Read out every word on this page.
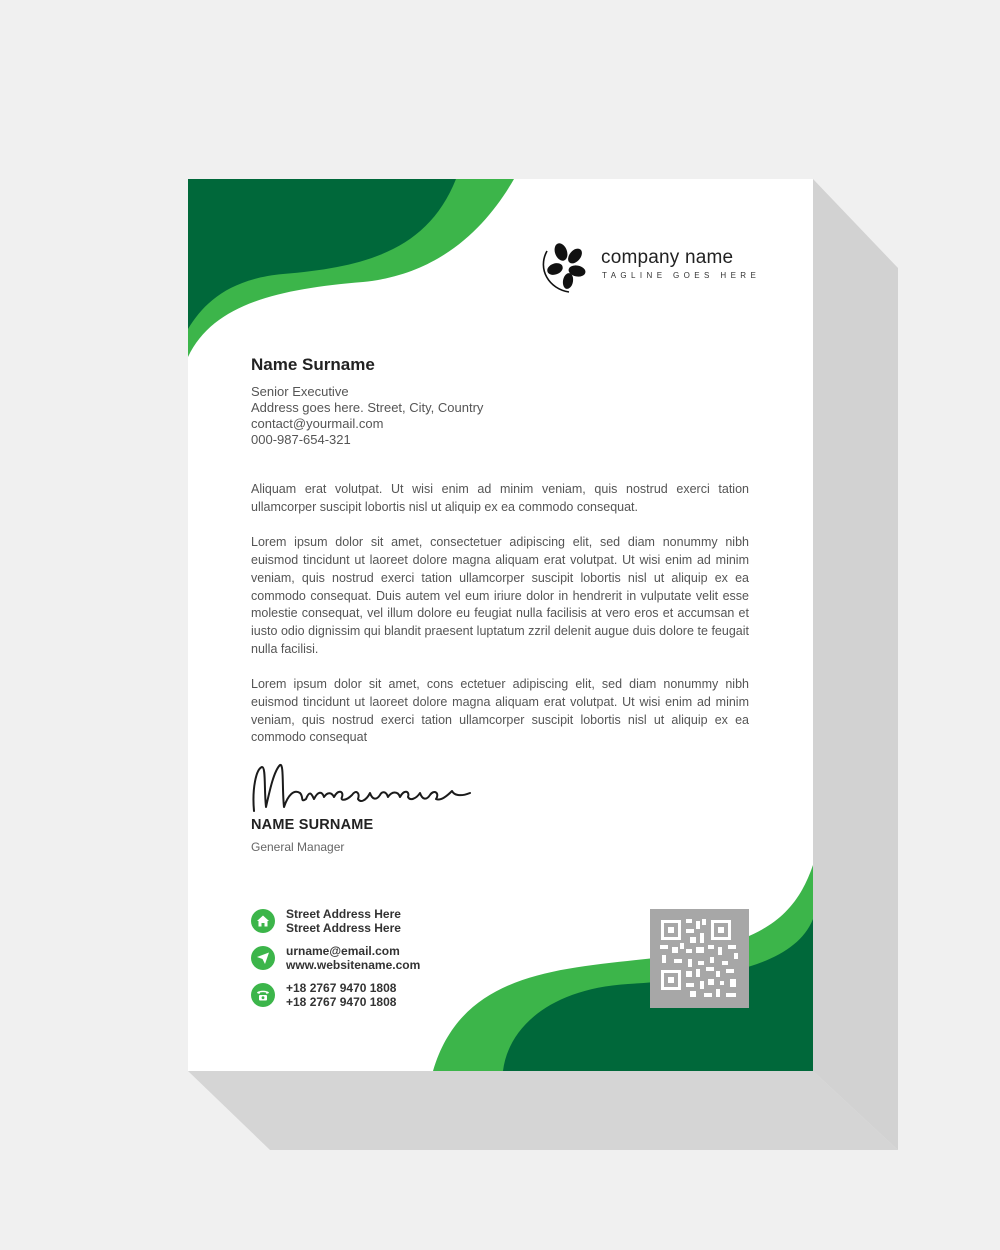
company name
TAGLINE GOES HERE
Name Surname
Senior Executive
Address goes here. Street, City, Country
contact@yourmail.com
000-987-654-321

Aliquam erat volutpat. Ut wisi enim ad minim veniam, quis nostrud exerci tation ullamcorper suscipit lobortis nisl ut aliquip ex ea commodo consequat.

Lorem ipsum dolor sit amet, consectetuer adipiscing elit, sed diam nonummy nibh euismod tincidunt ut laoreet dolore magna aliquam erat volutpat. Ut wisi enim ad minim veniam, quis nostrud exerci tation ullamcorper suscipit lobortis nisl ut aliquip ex ea commodo consequat. Duis autem vel eum iriure dolor in hendrerit in vulputate velit esse molestie consequat, vel illum dolore eu feugiat nulla facilisis at vero eros et accumsan et iusto odio dignissim qui blandit praesent luptatum zzril delenit augue duis dolore te feugait nulla facilisi.

Lorem ipsum dolor sit amet, cons ectetuer adipiscing elit, sed diam nonummy nibh euismod tincidunt ut laoreet dolore magna aliquam erat volutpat. Ut wisi enim ad minim veniam, quis nostrud exerci tation ullamcorper suscipit lobortis nisl ut aliquip ex ea commodo consequat

NAME SURNAME
General Manager
Street Address Here
Street Address Here
urname@email.com
www.websitename.com
+18 2767 9470 1808
+18 2767 9470 1808
